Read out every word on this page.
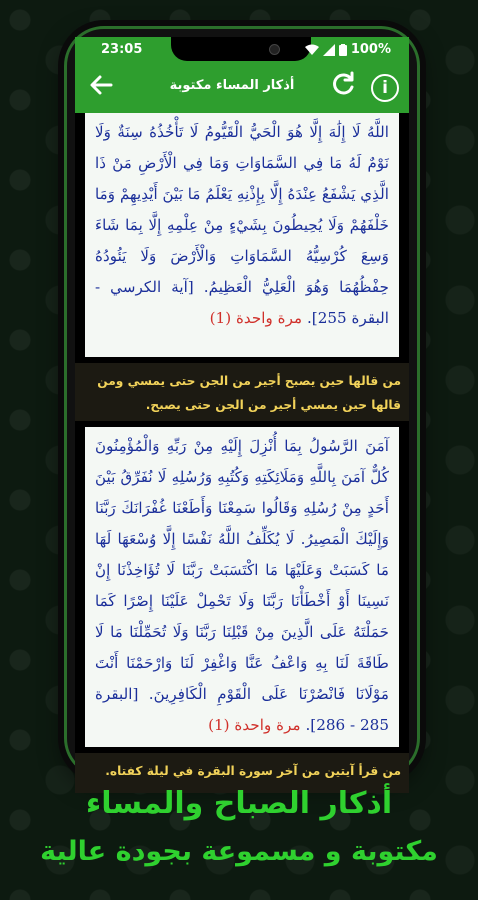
23:05	100%
أذكار المساء مكتوبة	i

اللَّهُ لَا إِلَٰهَ إِلَّا هُوَ الْحَيُّ الْقَيُّومُ لَا تَأْخُذُهُ سِنَةٌ وَلَا نَوْمٌ لَهُ مَا فِي السَّمَاوَاتِ وَمَا فِي الْأَرْضِ مَنْ ذَا الَّذِي يَشْفَعُ عِنْدَهُ إِلَّا بِإِذْنِهِ يَعْلَمُ مَا بَيْنَ أَيْدِيهِمْ وَمَا خَلْفَهُمْ وَلَا يُحِيطُونَ بِشَيْءٍ مِنْ عِلْمِهِ إِلَّا بِمَا شَاءَ وَسِعَ كُرْسِيُّهُ السَّمَاوَاتِ وَالْأَرْضَ وَلَا يَئُودُهُ حِفْظُهُمَا وَهُوَ الْعَلِيُّ الْعَظِيمُ. [آية الكرسي - البقرة 255]. مرة واحدة (1)

من قالها حين يصبح أجير من الجن حتى يمسي ومن قالها حين يمسي أجير من الجن حتى يصبح.

آمَنَ الرَّسُولُ بِمَا أُنْزِلَ إِلَيْهِ مِنْ رَبِّهِ وَالْمُؤْمِنُونَ كُلٌّ آمَنَ بِاللَّهِ وَمَلَائِكَتِهِ وَكُتُبِهِ وَرُسُلِهِ لَا نُفَرِّقُ بَيْنَ أَحَدٍ مِنْ رُسُلِهِ وَقَالُوا سَمِعْنَا وَأَطَعْنَا غُفْرَانَكَ رَبَّنَا وَإِلَيْكَ الْمَصِيرُ. لَا يُكَلِّفُ اللَّهُ نَفْسًا إِلَّا وُسْعَهَا لَهَا مَا كَسَبَتْ وَعَلَيْهَا مَا اكْتَسَبَتْ رَبَّنَا لَا تُؤَاخِذْنَا إِنْ نَسِينَا أَوْ أَخْطَأْنَا رَبَّنَا وَلَا تَحْمِلْ عَلَيْنَا إِصْرًا كَمَا حَمَلْتَهُ عَلَى الَّذِينَ مِنْ قَبْلِنَا رَبَّنَا وَلَا تُحَمِّلْنَا مَا لَا طَاقَةَ لَنَا بِهِ وَاعْفُ عَنَّا وَاغْفِرْ لَنَا وَارْحَمْنَا أَنْتَ مَوْلَانَا فَانْصُرْنَا عَلَى الْقَوْمِ الْكَافِرِينَ. [البقرة 285 - 286]. مرة واحدة (1)

من قرأ آيتين من آخر سورة البقرة في ليلة كفتاه.

أذكار الصباح والمساء
مكتوبة و مسموعة بجودة عالية
